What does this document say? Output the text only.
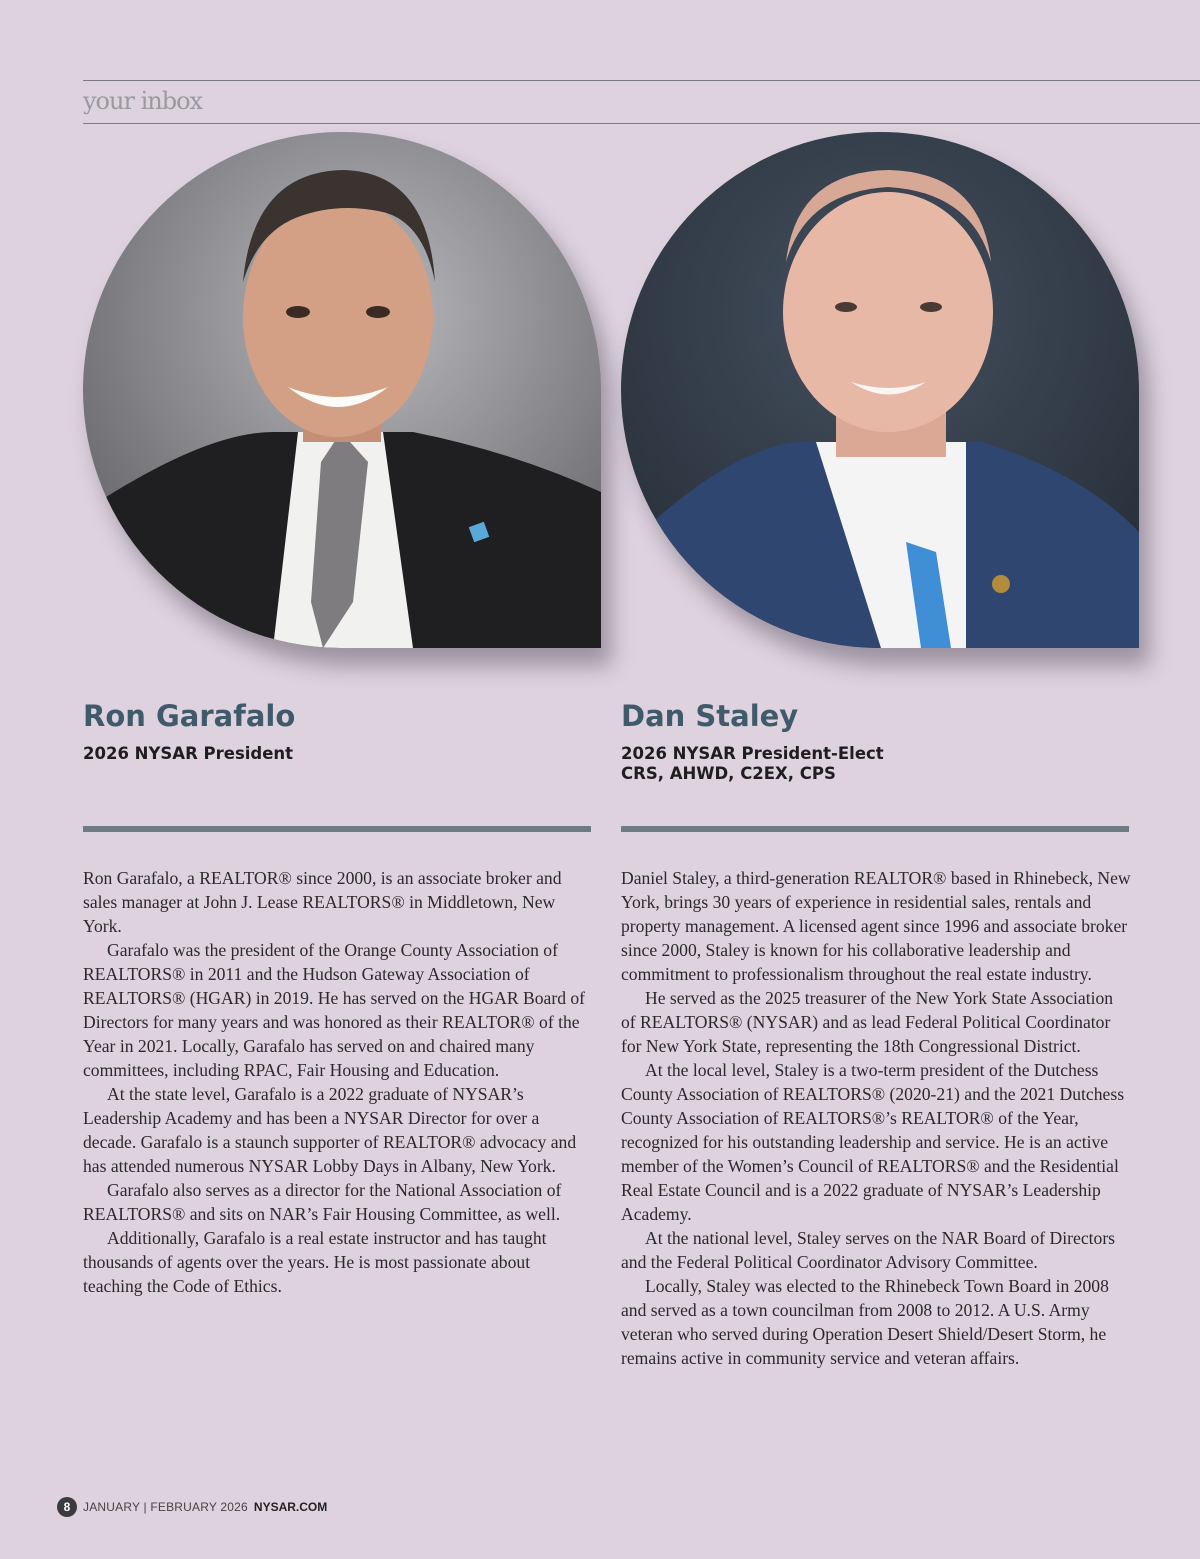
your inbox
Ron Garafalo
2026 NYSAR President

Ron Garafalo, a REALTOR® since 2000, is an associate broker and sales manager at John J. Lease REALTORS® in Middletown, New York.

Garafalo was the president of the Orange County Association of REALTORS® in 2011 and the Hudson Gateway Association of REALTORS® (HGAR) in 2019. He has served on the HGAR Board of Directors for many years and was honored as their REALTOR® of the Year in 2021. Locally, Garafalo has served on and chaired many committees, including RPAC, Fair Housing and Education.

At the state level, Garafalo is a 2022 graduate of NYSAR’s Leadership Academy and has been a NYSAR Director for over a decade. Garafalo is a staunch supporter of REALTOR® advocacy and has attended numerous NYSAR Lobby Days in Albany, New York.

Garafalo also serves as a director for the National Association of REALTORS® and sits on NAR’s Fair Housing Committee, as well.

Additionally, Garafalo is a real estate instructor and has taught thousands of agents over the years. He is most passionate about teaching the Code of Ethics.

Dan Staley
2026 NYSAR President-Elect
CRS, AHWD, C2EX, CPS

Daniel Staley, a third-generation REALTOR® based in Rhinebeck, New York, brings 30 years of experience in residential sales, rentals and property management. A licensed agent since 1996 and associate broker since 2000, Staley is known for his collaborative leadership and commitment to professionalism throughout the real estate industry.

He served as the 2025 treasurer of the New York State Association of REALTORS® (NYSAR) and as lead Federal Political Coordinator for New York State, representing the 18th Congressional District.

At the local level, Staley is a two-term president of the Dutchess County Association of REALTORS® (2020-21) and the 2021 Dutchess County Association of REALTORS®’s REALTOR® of the Year, recognized for his outstanding leadership and service. He is an active member of the Women’s Council of REALTORS® and the Residential Real Estate Council and is a 2022 graduate of NYSAR’s Leadership Academy.

At the national level, Staley serves on the NAR Board of Directors and the Federal Political Coordinator Advisory Committee.

Locally, Staley was elected to the Rhinebeck Town Board in 2008 and served as a town councilman from 2008 to 2012. A U.S. Army veteran who served during Operation Desert Shield/Desert Storm, he remains active in community service and veteran affairs.

8	JANUARY | FEBRUARY 2026 NYSAR.COM
